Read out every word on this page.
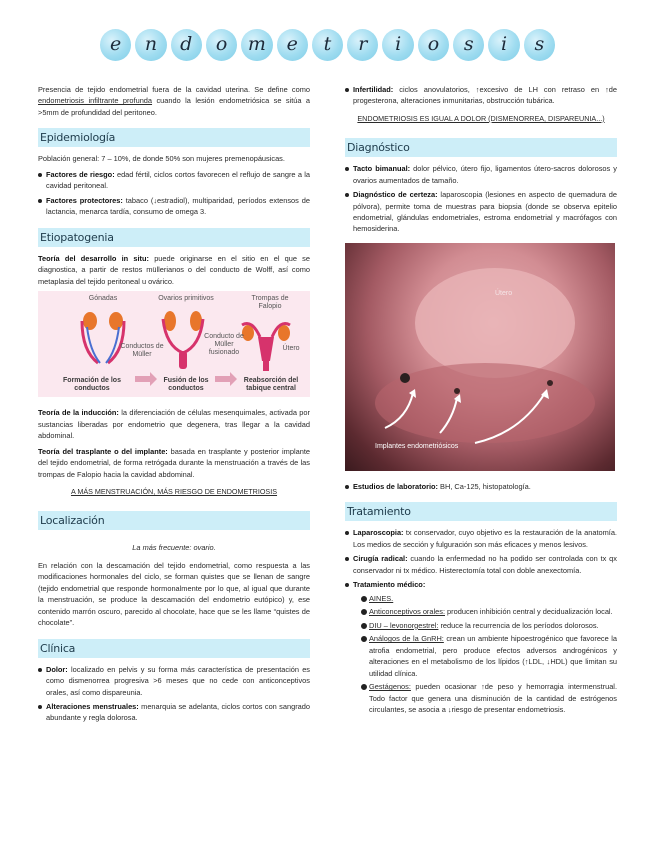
e	n	d	o	m	e	t	r	i	o	s	i	s

Presencia de tejido endometrial fuera de la cavidad uterina. Se define como endometriosis infiltrante profunda cuando la lesión endometriósica se sitúa a >5mm de profundidad del peritoneo.

Epidemiología

Población general: 7 – 10%, de donde 50% son mujeres premenopáusicas.

Factores de riesgo: edad fértil, ciclos cortos favorecen el reflujo de sangre a la cavidad peritoneal.
Factores protectores: tabaco (↓estradiol), multiparidad, períodos extensos de lactancia, menarca tardía, consumo de omega 3.
Etiopatogenia

Teoría del desarrollo in situ: puede originarse en el sitio en el que se diagnostica, a partir de restos müllerianos o del conducto de Wolff, así como metaplasia del tejido peritoneal u ovárico.

Gónadas	Ovarios primitivos	Trompas de Falopio
Conductos de Müller
Conducto de Müller fusionado
Útero
Formación de los conductos
Fusión de los conductos
Reabsorción del tabique central

Teoría de la inducción: la diferenciación de células mesenquimales, activada por sustancias liberadas por endometrio que degenera, tras llegar a la cavidad abdominal.

Teoría del trasplante o del implante: basada en trasplante y posterior implante del tejido endometrial, de forma retrógada durante la menstruación a través de las trompas de Falopio hacia la cavidad abdominal.

A MÁS MENSTRUACIÓN, MÁS RIESGO DE ENDOMETRIOSIS
Localización
La más frecuente: ovario.

En relación con la descamación del tejido endometrial, como respuesta a las modificaciones hormonales del ciclo, se forman quistes que se llenan de sangre (tejido endometrial que responde hormonalmente por lo que, al igual que durante la menstruación, se produce la descamación del endometrio eutópico) y, ese contenido marrón oscuro, parecido al chocolate, hace que se les llame “quistes de chocolate”.

Clínica
Dolor: localizado en pelvis y su forma más característica de presentación es como dismenorrea progresiva >6 meses que no cede con anticonceptivos orales, así como dispareunia.
Alteraciones menstruales: menarquia se adelanta, ciclos cortos con sangrado abundante y regla dolorosa.
Infertilidad: ciclos anovulatorios, ↑excesivo de LH con retraso en ↑de progesterona, alteraciones inmunitarias, obstrucción tubárica.
ENDOMETRIOSIS ES IGUAL A DOLOR (DISMENORREA, DISPAREUNIA...)
Diagnóstico
Tacto bimanual: dolor pélvico, útero fijo, ligamentos útero-sacros dolorosos y ovarios aumentados de tamaño.
Diagnóstico de certeza: laparoscopia (lesiones en aspecto de quemadura de pólvora), permite toma de muestras para biopsia (donde se observa epitelio endometrial, glándulas endometriales, estroma endometrial y macrófagos con hemosiderina.
Útero
Implantes endometriósicos
Estudios de laboratorio: BH, Ca-125, histopatología.
Tratamiento
Laparoscopia: tx conservador, cuyo objetivo es la restauración de la anatomía. Los medios de sección y fulguración son más eficaces y menos lesivos.
Cirugía radical: cuando la enfermedad no ha podido ser controlada con tx qx conservador ni tx médico. Histerectomía total con doble anexectomía.
Tratamiento médico:
AINES.
Anticonceptivos orales: producen inhibición central y decidualización local.
DIU – levonorgestrel: reduce la recurrencia de los períodos dolorosos.
Análogos de la GnRH: crean un ambiente hipoestrogénico que favorece la atrofia endometrial, pero produce efectos adversos androgénicos y alteraciones en el metabolismo de los lípidos (↑LDL, ↓HDL) que limitan su utilidad clínica.
Gestágenos: pueden ocasionar ↑de peso y hemorragia intermenstrual. Todo factor que genera una disminución de la cantidad de estrógenos circulantes, se asocia a ↓riesgo de presentar endometriosis.
